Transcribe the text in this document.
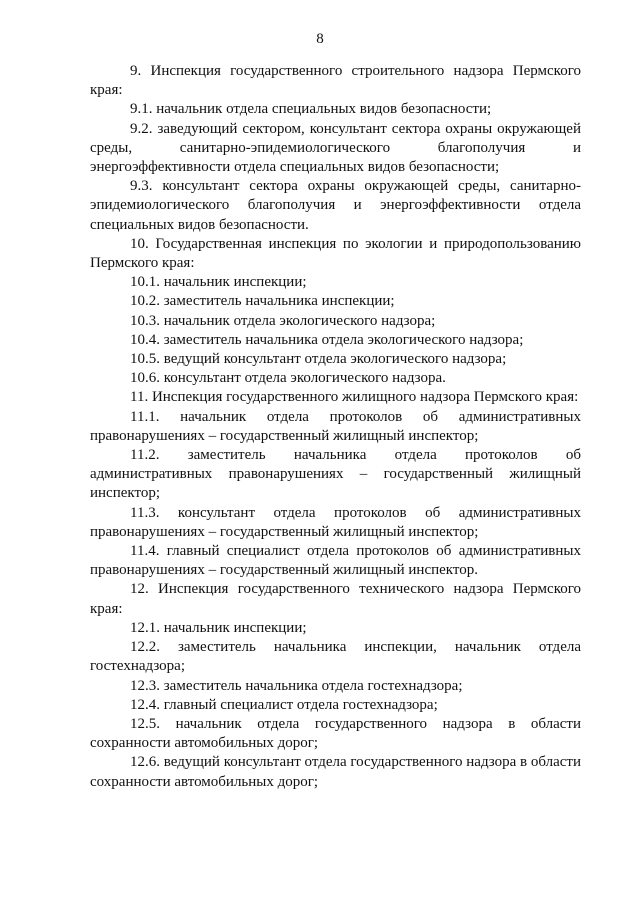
8

9. Инспекция государственного строительного надзора Пермского края:

9.1. начальник отдела специальных видов безопасности;

9.2. заведующий сектором, консультант сектора охраны окружающей среды, санитарно-эпидемиологического благополучия и энергоэффективности отдела специальных видов безопасности;

9.3. консультант сектора охраны окружающей среды, санитарно-эпидемиологического благополучия и энергоэффективности отдела специальных видов безопасности.

10. Государственная инспекция по экологии и природопользованию Пермского края:

10.1. начальник инспекции;

10.2. заместитель начальника инспекции;

10.3. начальник отдела экологического надзора;

10.4. заместитель начальника отдела экологического надзора;

10.5. ведущий консультант отдела экологического надзора;

10.6. консультант отдела экологического надзора.

11. Инспекция государственного жилищного надзора Пермского края:

11.1. начальник отдела протоколов об административных правонарушениях – государственный жилищный инспектор;

11.2. заместитель начальника отдела протоколов об административных правонарушениях – государственный жилищный инспектор;

11.3. консультант отдела протоколов об административных правонарушениях – государственный жилищный инспектор;

11.4. главный специалист отдела протоколов об административных правонарушениях – государственный жилищный инспектор.

12. Инспекция государственного технического надзора Пермского края:

12.1. начальник инспекции;

12.2. заместитель начальника инспекции, начальник отдела гостехнадзора;

12.3. заместитель начальника отдела гостехнадзора;

12.4. главный специалист отдела гостехнадзора;

12.5. начальник отдела государственного надзора в области сохранности автомобильных дорог;

12.6. ведущий консультант отдела государственного надзора в области сохранности автомобильных дорог;
